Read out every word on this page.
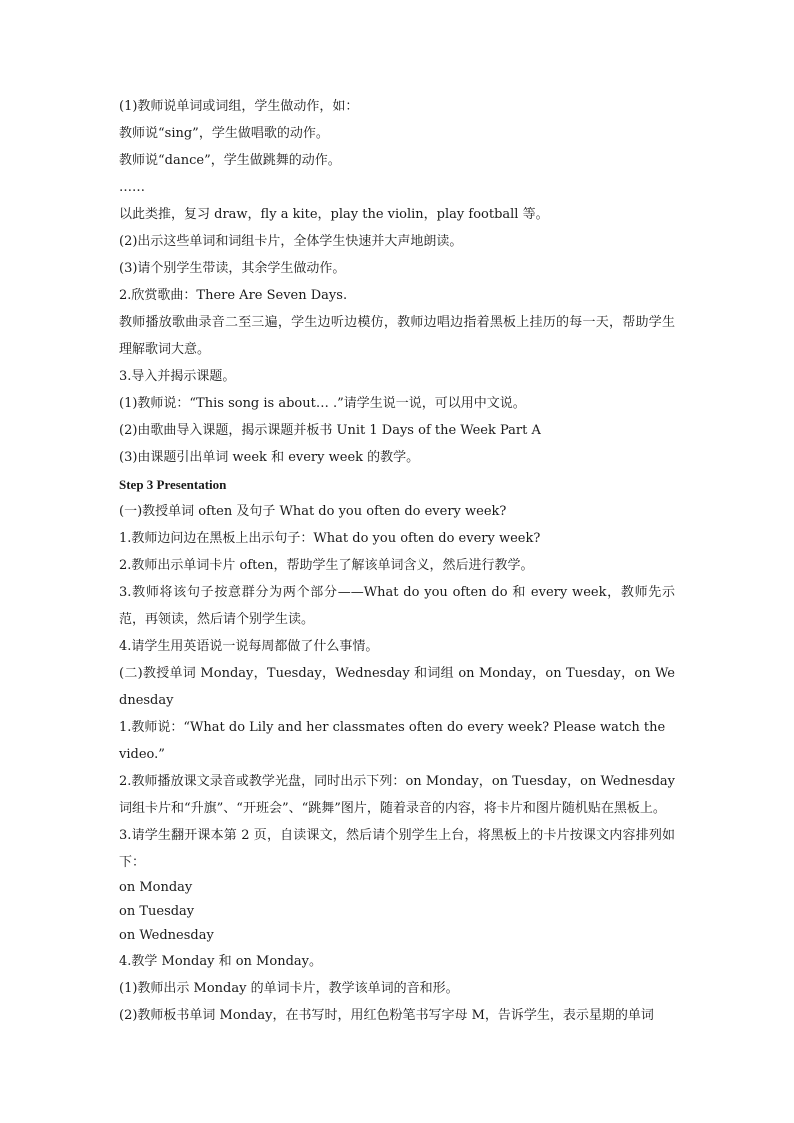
(1)教师说单词或词组，学生做动作，如：

教师说“sing”，学生做唱歌的动作。

教师说“dance”，学生做跳舞的动作。

……

以此类推，复习 draw，fly a kite，play the violin，play football 等。

(2)出示这些单词和词组卡片，全体学生快速并大声地朗读。

(3)请个别学生带读，其余学生做动作。

2.欣赏歌曲：There Are Seven Days.

教师播放歌曲录音二至三遍，学生边听边模仿，教师边唱边指着黑板上挂历的每一天，帮助学生理解歌词大意。

3.导入并揭示课题。

(1)教师说：“This song is about… .”请学生说一说，可以用中文说。

(2)由歌曲导入课题，揭示课题并板书 Unit 1 Days of the Week Part A

(3)由课题引出单词 week 和 every week 的教学。

Step 3 Presentation

(一)教授单词 often 及句子 What do you often do every week?

1.教师边问边在黑板上出示句子：What do you often do every week?

2.教师出示单词卡片 often，帮助学生了解该单词含义，然后进行教学。

3.教师将该句子按意群分为两个部分——What do you often do 和 every week，教师先示范，再领读，然后请个别学生读。

4.请学生用英语说一说每周都做了什么事情。

(二)教授单词 Monday，Tuesday，Wednesday 和词组 on Monday，on Tuesday，on Wednesday

1.教师说：“What do Lily and her classmates often do every week? Please watch the video.”

2.教师播放课文录音或教学光盘，同时出示下列：on Monday，on Tuesday，on Wednesday 词组卡片和“升旗”、“开班会”、“跳舞”图片，随着录音的内容，将卡片和图片随机贴在黑板上。

3.请学生翻开课本第 2 页，自读课文，然后请个别学生上台，将黑板上的卡片按课文内容排列如下：

on Monday

on Tuesday

on Wednesday

4.教学 Monday 和 on Monday。

(1)教师出示 Monday 的单词卡片，教学该单词的音和形。

(2)教师板书单词 Monday，在书写时，用红色粉笔书写字母 M，告诉学生，表示星期的单词
